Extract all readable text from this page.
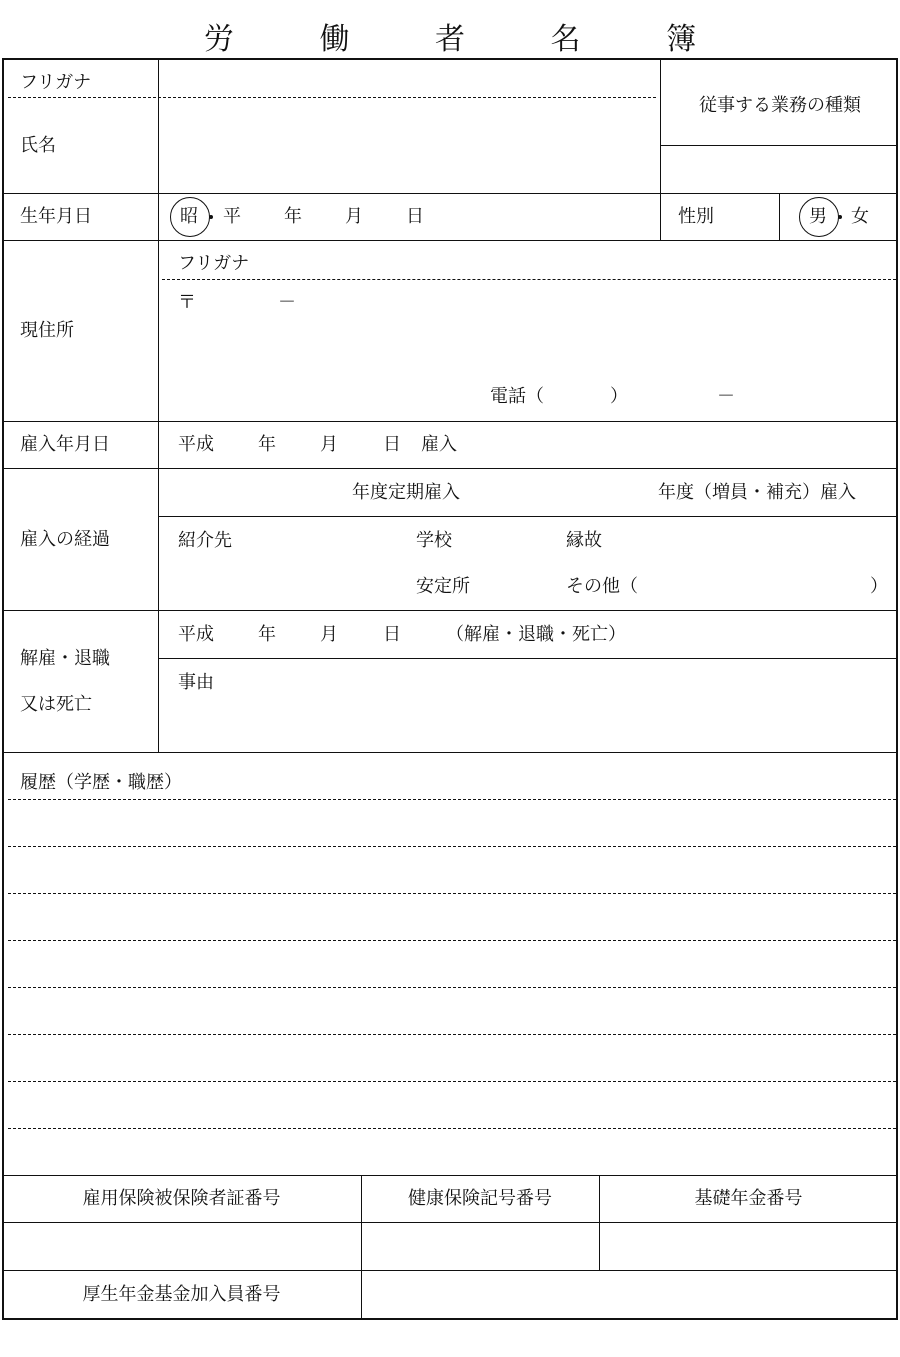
労 働 者 名 簿
フリガナ
氏名
従事する業務の種類
生年月日	昭 平 年 月 日	性別	男 女
現住所
フリガナ
〒	－
電話（	）	－
雇入年月日	平成 年 月	日 雇入
雇入の経過
年度定期雇入	年度（増員・補充）雇入
紹介先	学校	縁故
安定所	その他（	）
解雇・退職
又は死亡
平成 年 月	日	（解雇・退職・死亡）
事由
履歴（学歴・職歴）
雇用保険被保険者証番号	健康保険記号番号	基礎年金番号
厚生年金基金加入員番号
